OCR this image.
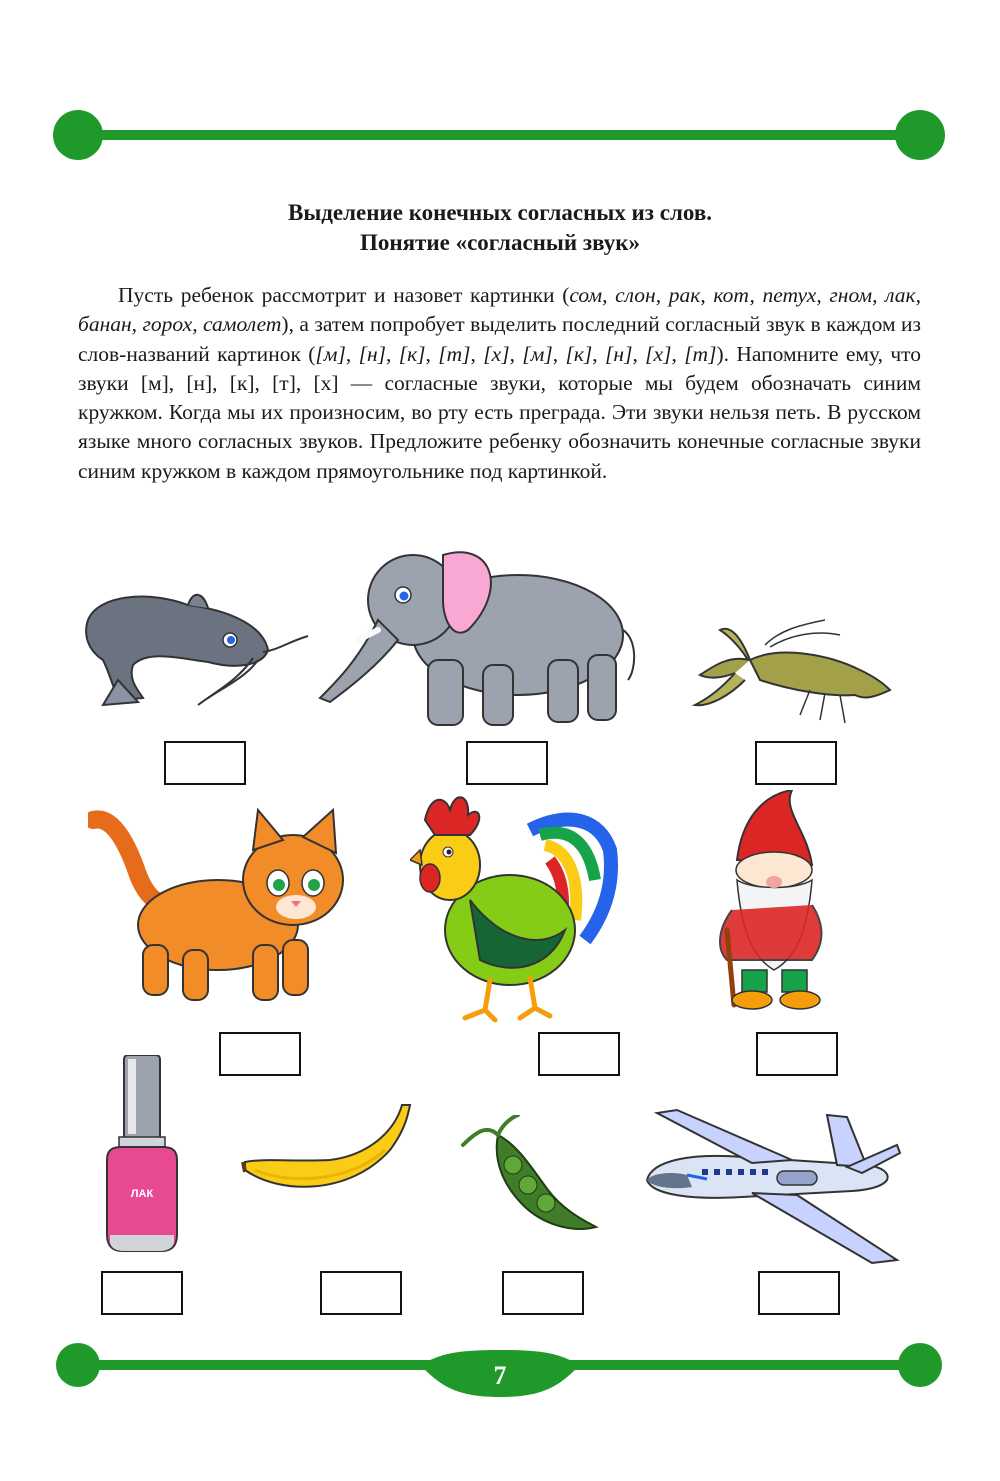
Выделение конечных согласных из слов.
Понятие «согласный звук»

Пусть ребенок рассмотрит и назовет картинки (сом, слон, рак, кот, петух, гном, лак, банан, горох, самолет), а затем попробует выделить последний согласный звук в каждом из слов-названий картинок ([м], [н], [к], [т], [х], [м], [к], [н], [х], [т]). Напомните ему, что звуки [м], [н], [к], [т], [х] — согласные звуки, которые мы будем обозначать синим кружком. Когда мы их произносим, во рту есть преграда. Эти звуки нельзя петь. В русском языке много согласных звуков. Предложите ребенку обозначить конечные согласные звуки синим кружком в каждом прямоугольнике под картинкой.

ЛАК
7
